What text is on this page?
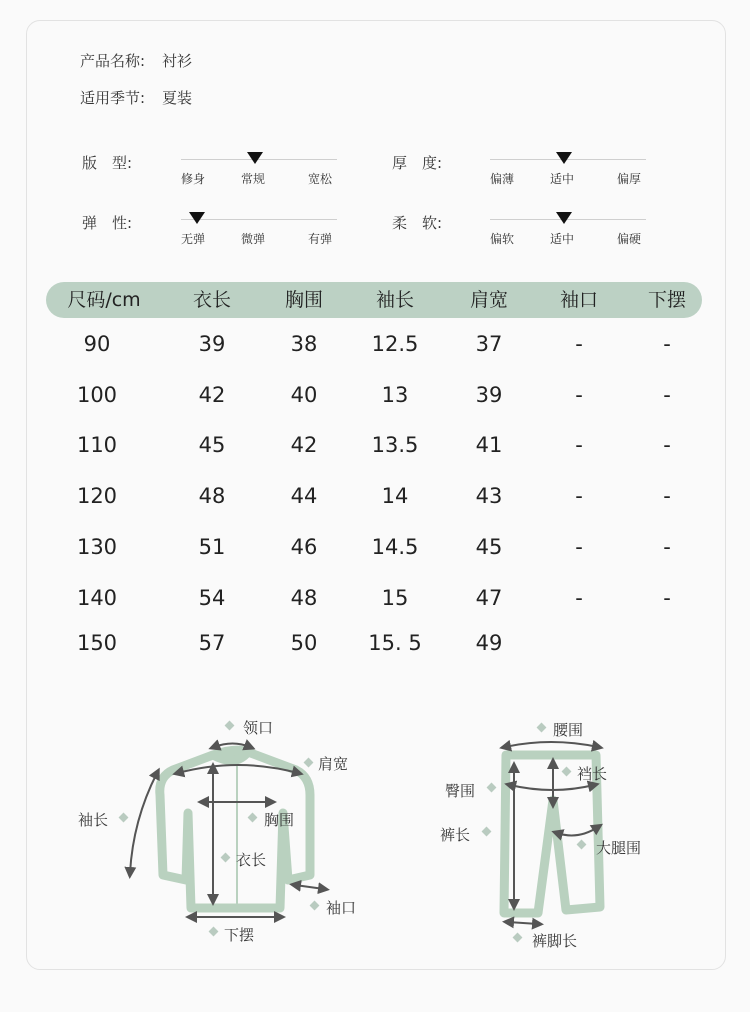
产品名称: 衬衫
适用季节: 夏装
版　型:
修身	常规	宽松
厚　度:
偏薄	适中	偏厚
弹　性:
无弹	微弹	有弹
柔　软:
偏软	适中	偏硬
尺码/cm	衣长	胸围	袖长	肩宽	袖口	下摆
90	39	38	12.5	37	-	-
100	42	40	13	39	-	-
110	45	42	13.5	41	-	-
120	48	44	14	43	-	-
130	51	46	14.5	45	-	-
140	54	48	15	47	-	-
150	57	50	15. 5	49
领口
肩宽
袖长	胸围
衣长
袖口
下摆
腰围
裆长
臀围
裤长
大腿围
裤脚长
